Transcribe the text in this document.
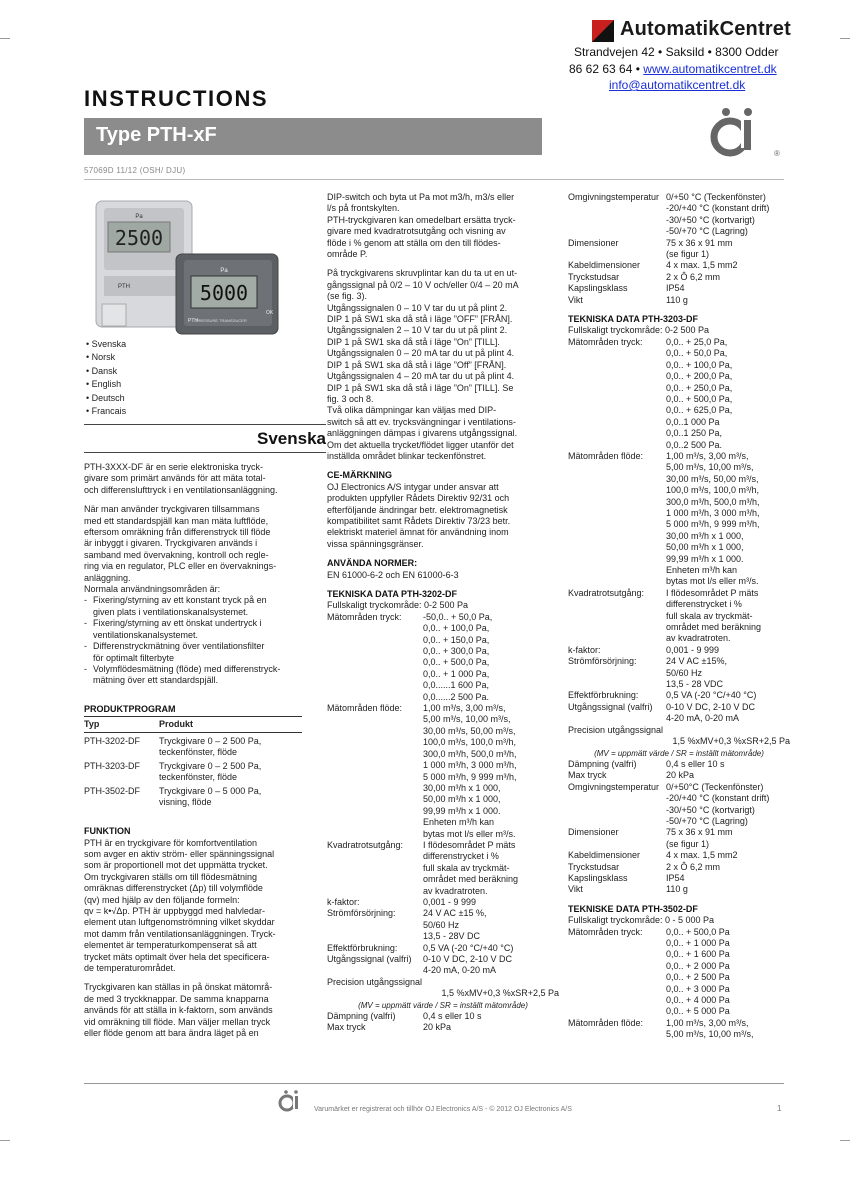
AutomatikCentret
Strandvejen 42 • Saksild • 8300 Odder
86 62 63 64 • www.automatikcentret.dk
info@automatikcentret.dk
INSTRUCTIONS
Type PTH-xF
57069D 11/12 (OSH/ DJU)
®
2500
Pa
PTH	5000
Pa
PTH
PRESSURE TRANSDUCER
OK
• Svenska
• Norsk
• Dansk
• English
• Deutsch
• Francais
Svenska

PTH-3XXX-DF är en serie elektroniska tryck-
givare som primärt används för att mäta total-
och differenslufttryck i en ventilationsanläggning.

När man använder tryckgivaren tillsammans
med ett standardspjäll kan man mäta luftflöde,
eftersom omräkning från differenstryck till flöde
är inbyggt i givaren. Tryckgivaren används i
samband med övervakning, kontroll och regle-
ring via en regulator, PLC eller en övervaknings-
anläggning.
Normala användningsområden är:

- Fixering/styrning av ett konstant tryck på en
given plats i ventilationskanalsystemet.
- Fixering/styrning av ett önskat undertryck i
ventilationskanalsystemet.
- Differenstryckmätning över ventilationsfilter
för optimalt filterbyte
- Volymflödesmätning (flöde) med differenstryck-
mätning över ett standardspjäll.
PRODUKTPROGRAM
Typ	Produkt
PTH-3202-DF	Tryckgivare 0 – 2 500 Pa,
teckenfönster, flöde
PTH-3203-DF	Tryckgivare 0 – 2 500 Pa,
teckenfönster, flöde
PTH-3502-DF	Tryckgivare 0 – 5 000 Pa,
visning, flöde
FUNKTION

PTH är en tryckgivare för komfortventilation
som avger en aktiv ström- eller spänningssignal
som är proportionell mot det uppmätta trycket.
Om tryckgivaren ställs om till flödesmätning
omräknas differenstrycket (Δp) till volymflöde
(qv) med hjälp av den följande formeln:
qv = k•√Δp. PTH är uppbyggd med halvledar-
element utan luftgenomströmning vilket skyddar
mot damm från ventilationsanläggningen. Tryck-
elementet är temperaturkompenserat så att
trycket mäts optimalt över hela det specificera-
de temperaturområdet.

Tryckgivaren kan ställas in på önskat mätområ-
de med 3 tryckknappar. De samma knapparna
används för att ställa in k-faktorn, som används
vid omräkning till flöde. Man väljer mellan tryck
eller flöde genom att bara ändra läget på en

DIP-switch och byta ut Pa mot m3/h, m3/s eller
l/s på frontskylten.
PTH-tryckgivaren kan omedelbart ersätta tryck-
givare med kvadratrotsutgång och visning av
flöde i % genom att ställa om den till flödes-
område P.

På tryckgivarens skruvplintar kan du ta ut en ut-
gångssignal på 0/2 – 10 V och/eller 0/4 – 20 mA
(se fig. 3).
Utgångssignalen 0 – 10 V tar du ut på plint 2.
DIP 1 på SW1 ska då stå i läge ”OFF” [FRÅN].
Utgångssignalen 2 – 10 V tar du ut på plint 2.
DIP 1 på SW1 ska då stå i läge ”On” [TILL].
Utgångssignalen 0 – 20 mA tar du ut på plint 4.
DIP 1 på SW1 ska då stå i läge ”Off” [FRÅN].
Utgångssignalen 4 – 20 mA tar du ut på plint 4.
DIP 1 på SW1 ska då stå i läge ”On” [TILL]. Se
fig. 3 och 8.
Två olika dämpningar kan väljas med DIP-
switch så att ev. trycksvängningar i ventilations-
anläggningen dämpas i givarens utgångssignal.
Om det aktuella trycket/flödet ligger utanför det
inställda området blinkar teckenfönstret.

CE-MÄRKNING

OJ Electronics A/S intygar under ansvar att
produkten uppfyller Rådets Direktiv 92/31 och
efterföljande ändringar betr. elektromagnetisk
kompatibilitet samt Rådets Direktiv 73/23 betr.
elektriskt materiel ämnat för användning inom
vissa spänningsgränser.

ANVÄNDA NORMER:

EN 61000-6-2 och EN 61000-6-3

TEKNISKA DATA PTH-3202-DF

Fullskaligt tryckområde: 0-2 500 Pa

Mätområden tryck:	-50,0.. + 50,0 Pa,
0,0.. + 100,0 Pa,
0,0.. + 150,0 Pa,
0,0.. + 300,0 Pa,
0,0.. + 500,0 Pa,
0,0.. + 1 000 Pa,
0,0......1 600 Pa,
0,0......2 500 Pa.
Mätområden flöde:	1,00 m³/s, 3,00 m³/s,
5,00 m³/s, 10,00 m³/s,
30,00 m³/s, 50,00 m³/s,
100,0 m³/s, 100,0 m³/h,
300,0 m³/h, 500,0 m³/h,
1 000 m³/h, 3 000 m³/h,
5 000 m³/h, 9 999 m³/h,
30,00 m³/h x 1 000,
50,00 m³/h x 1 000,
99,99 m³/h x 1 000.
Enheten m³/h kan
bytas mot l/s eller m³/s.
Kvadratrotsutgång:	I flödesområdet P mäts
differenstrycket i %
full skala av tryckmät-
området med beräkning
av kvadratroten.
k-faktor:	0,001 - 9 999
Strömförsörjning:	24 V AC ±15 %,
50/60 Hz
13,5 - 28V DC
Effektförbrukning:	0,5 VA (-20 °C/+40 °C)
Utgångssignal (valfri)	0-10 V DC, 2-10 V DC
4-20 mA, 0-20 mA

Precision utgångssignal

1,5 %xMV+0,3 %xSR+2,5 Pa

(MV = uppmätt värde / SR = inställt mätområde)

Dämpning (valfri)	0,4 s eller 10 s
Max tryck	20 kPa
Omgivningstemperatur 0/+50 °C (Teckenfönster)
-20/+40 °C (konstant drift)
-30/+50 °C (kortvarigt)
-50/+70 °C (Lagring)
Dimensioner	75 x 36 x 91 mm
(se figur 1)
Kabeldimensioner	4 x max. 1,5 mm2
Tryckstudsar	2 x Ô 6,2 mm
Kapslingsklass	IP54
Vikt	110 g
TEKNISKA DATA PTH-3203-DF

Fullskaligt tryckområde: 0-2 500 Pa

Mätområden tryck:	0,0.. + 25,0 Pa,
0,0.. + 50,0 Pa,
0,0.. + 100,0 Pa,
0,0.. + 200,0 Pa,
0,0.. + 250,0 Pa,
0,0.. + 500,0 Pa,
0,0.. + 625,0 Pa,
0,0..1 000 Pa
0,0..1 250 Pa,
0,0..2 500 Pa.
Mätområden flöde:	1,00 m³/s, 3,00 m³/s,
5,00 m³/s, 10,00 m³/s,
30,00 m³/s, 50,00 m³/s,
100,0 m³/s, 100,0 m³/h,
300,0 m³/h, 500,0 m³/h,
1 000 m³/h, 3 000 m³/h,
5 000 m³/h, 9 999 m³/h,
30,00 m³/h x 1 000,
50,00 m³/h x 1 000,
99,99 m³/h x 1 000.
Enheten m³/h kan
bytas mot l/s eller m³/s.
Kvadratrotsutgång:	I flödesområdet P mäts
differenstrycket i %
full skala av tryckmät-
området med beräkning
av kvadratroten.
k-faktor:	0,001 - 9 999
Strömförsörjning:	24 V AC ±15%,
50/60 Hz
13,5 - 28 VDC
Effektförbrukning:	0,5 VA (-20 °C/+40 °C)
Utgångssignal (valfri)	0-10 V DC, 2-10 V DC
4-20 mA, 0-20 mA

Precision utgångssignal

1,5 %xMV+0,3 %xSR+2,5 Pa

(MV = uppmätt värde / SR = inställt mätområde)

Dämpning (valfri)	0,4 s eller 10 s
Max tryck	20 kPa
Omgivningstemperatur 0/+50°C (Teckenfönster)
-20/+40 °C (konstant drift)
-30/+50 °C (kortvarigt)
-50/+70 °C (Lagring)
Dimensioner	75 x 36 x 91 mm
(se figur 1)
Kabeldimensioner	4 x max. 1,5 mm2
Tryckstudsar	2 x Ô 6,2 mm
Kapslingsklass	IP54
Vikt	110 g
TEKNISKE DATA PTH-3502-DF

Fullskaligt tryckområde: 0 - 5 000 Pa

Mätområden tryck:	0,0.. + 500,0 Pa
0,0.. + 1 000 Pa
0,0.. + 1 600 Pa
0,0.. + 2 000 Pa
0,0.. + 2 500 Pa
0,0.. + 3 000 Pa
0,0.. + 4 000 Pa
0,0.. + 5 000 Pa
Mätområden flöde:	1,00 m³/s, 3,00 m³/s,
5,00 m³/s, 10,00 m³/s,
Varumärket er registrerat och tillhör OJ Electronics A/S - © 2012 OJ Electronics A/S	1
